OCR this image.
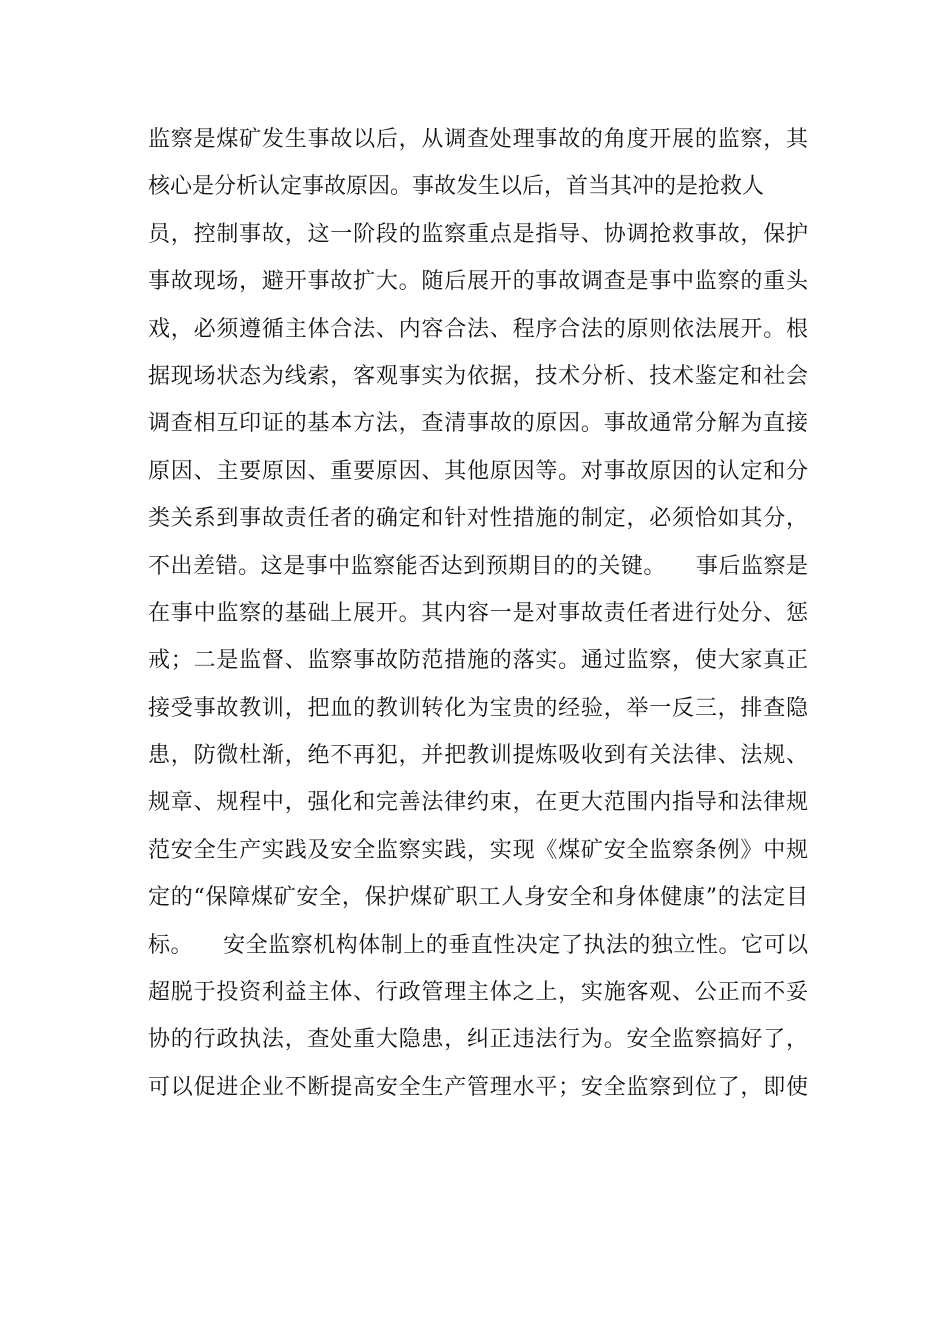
监察是煤矿发生事故以后，从调查处理事故的角度开展的监察，其
核心是分析认定事故原因。事故发生以后，首当其冲的是抢救人
员，控制事故，这一阶段的监察重点是指导、协调抢救事故，保护
事故现场，避开事故扩大。随后展开的事故调查是事中监察的重头
戏，必须遵循主体合法、内容合法、程序合法的原则依法展开。根
据现场状态为线索，客观事实为依据，技术分析、技术鉴定和社会
调查相互印证的基本方法，查清事故的原因。事故通常分解为直接
原因、主要原因、重要原因、其他原因等。对事故原因的认定和分
类关系到事故责任者的确定和针对性措施的制定，必须恰如其分，
不出差错。这是事中监察能否达到预期目的的关键。    事后监察是
在事中监察的基础上展开。其内容一是对事故责任者进行处分、惩
戒；二是监督、监察事故防范措施的落实。通过监察，使大家真正
接受事故教训，把血的教训转化为宝贵的经验，举一反三，排查隐
患，防微杜渐，绝不再犯，并把教训提炼吸收到有关法律、法规、
规章、规程中，强化和完善法律约束，在更大范围内指导和法律规
范安全生产实践及安全监察实践，实现《煤矿安全监察条例》中规
定的“保障煤矿安全，保护煤矿职工人身安全和身体健康”的法定目
标。    安全监察机构体制上的垂直性决定了执法的独立性。它可以
超脱于投资利益主体、行政管理主体之上，实施客观、公正而不妥
协的行政执法，查处重大隐患，纠正违法行为。安全监察搞好了，
可以促进企业不断提高安全生产管理水平；安全监察到位了，即使
